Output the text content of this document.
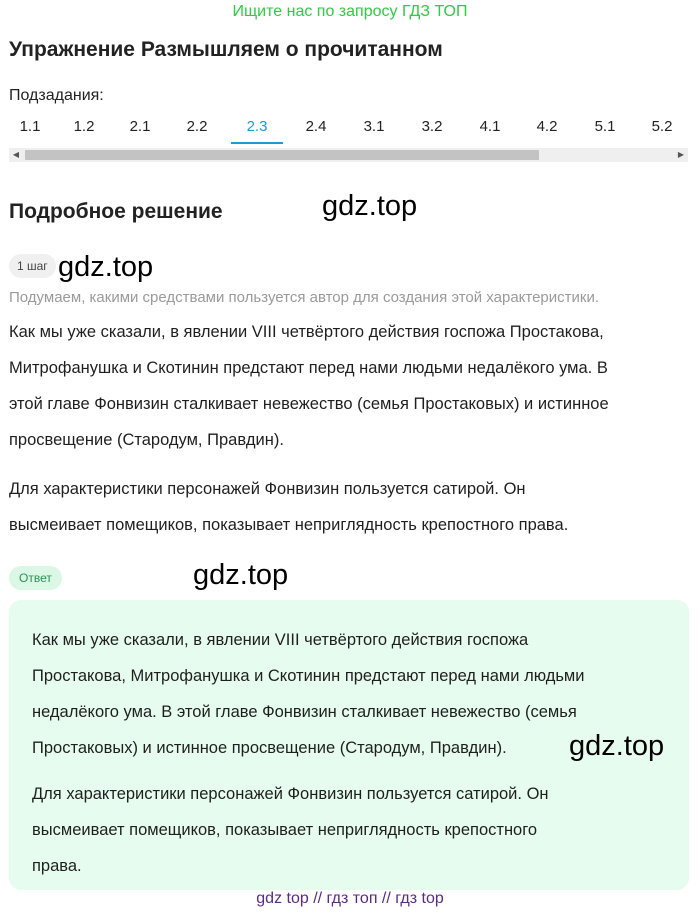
Ищите нас по запросу ГДЗ ТОП
Упражнение Размышляем о прочитанном
Подзадания:
1.1	1.2	2.1	2.2	2.3	2.4	3.1	3.2	4.1	4.2	5.1	5.2
◀	▶
Подробное решение	gdz.top
1 шаг gdz.top
Подумаем, какими средствами пользуется автор для создания этой характеристики.
Как мы уже сказали, в явлении VIII четвёртого действия госпожа Простакова,
Митрофанушка и Скотинин предстают перед нами людьми недалёкого ума. В
этой главе Фонвизин сталкивает невежество (семья Простаковых) и истинное
просвещение (Стародум, Правдин).
Для характеристики персонажей Фонвизин пользуется сатирой. Он
высмеивает помещиков, показывает неприглядность крепостного права.
Ответ	gdz.top
Как мы уже сказали, в явлении VIII четвёртого действия госпожа
Простакова, Митрофанушка и Скотинин предстают перед нами людьми
недалёкого ума. В этой главе Фонвизин сталкивает невежество (семья
Простаковых) и истинное просвещение (Стародум, Правдин).	gdz.top
Для характеристики персонажей Фонвизин пользуется сатирой. Он
высмеивает помещиков, показывает неприглядность крепостного
права.
gdz top // гдз топ // гдз top
